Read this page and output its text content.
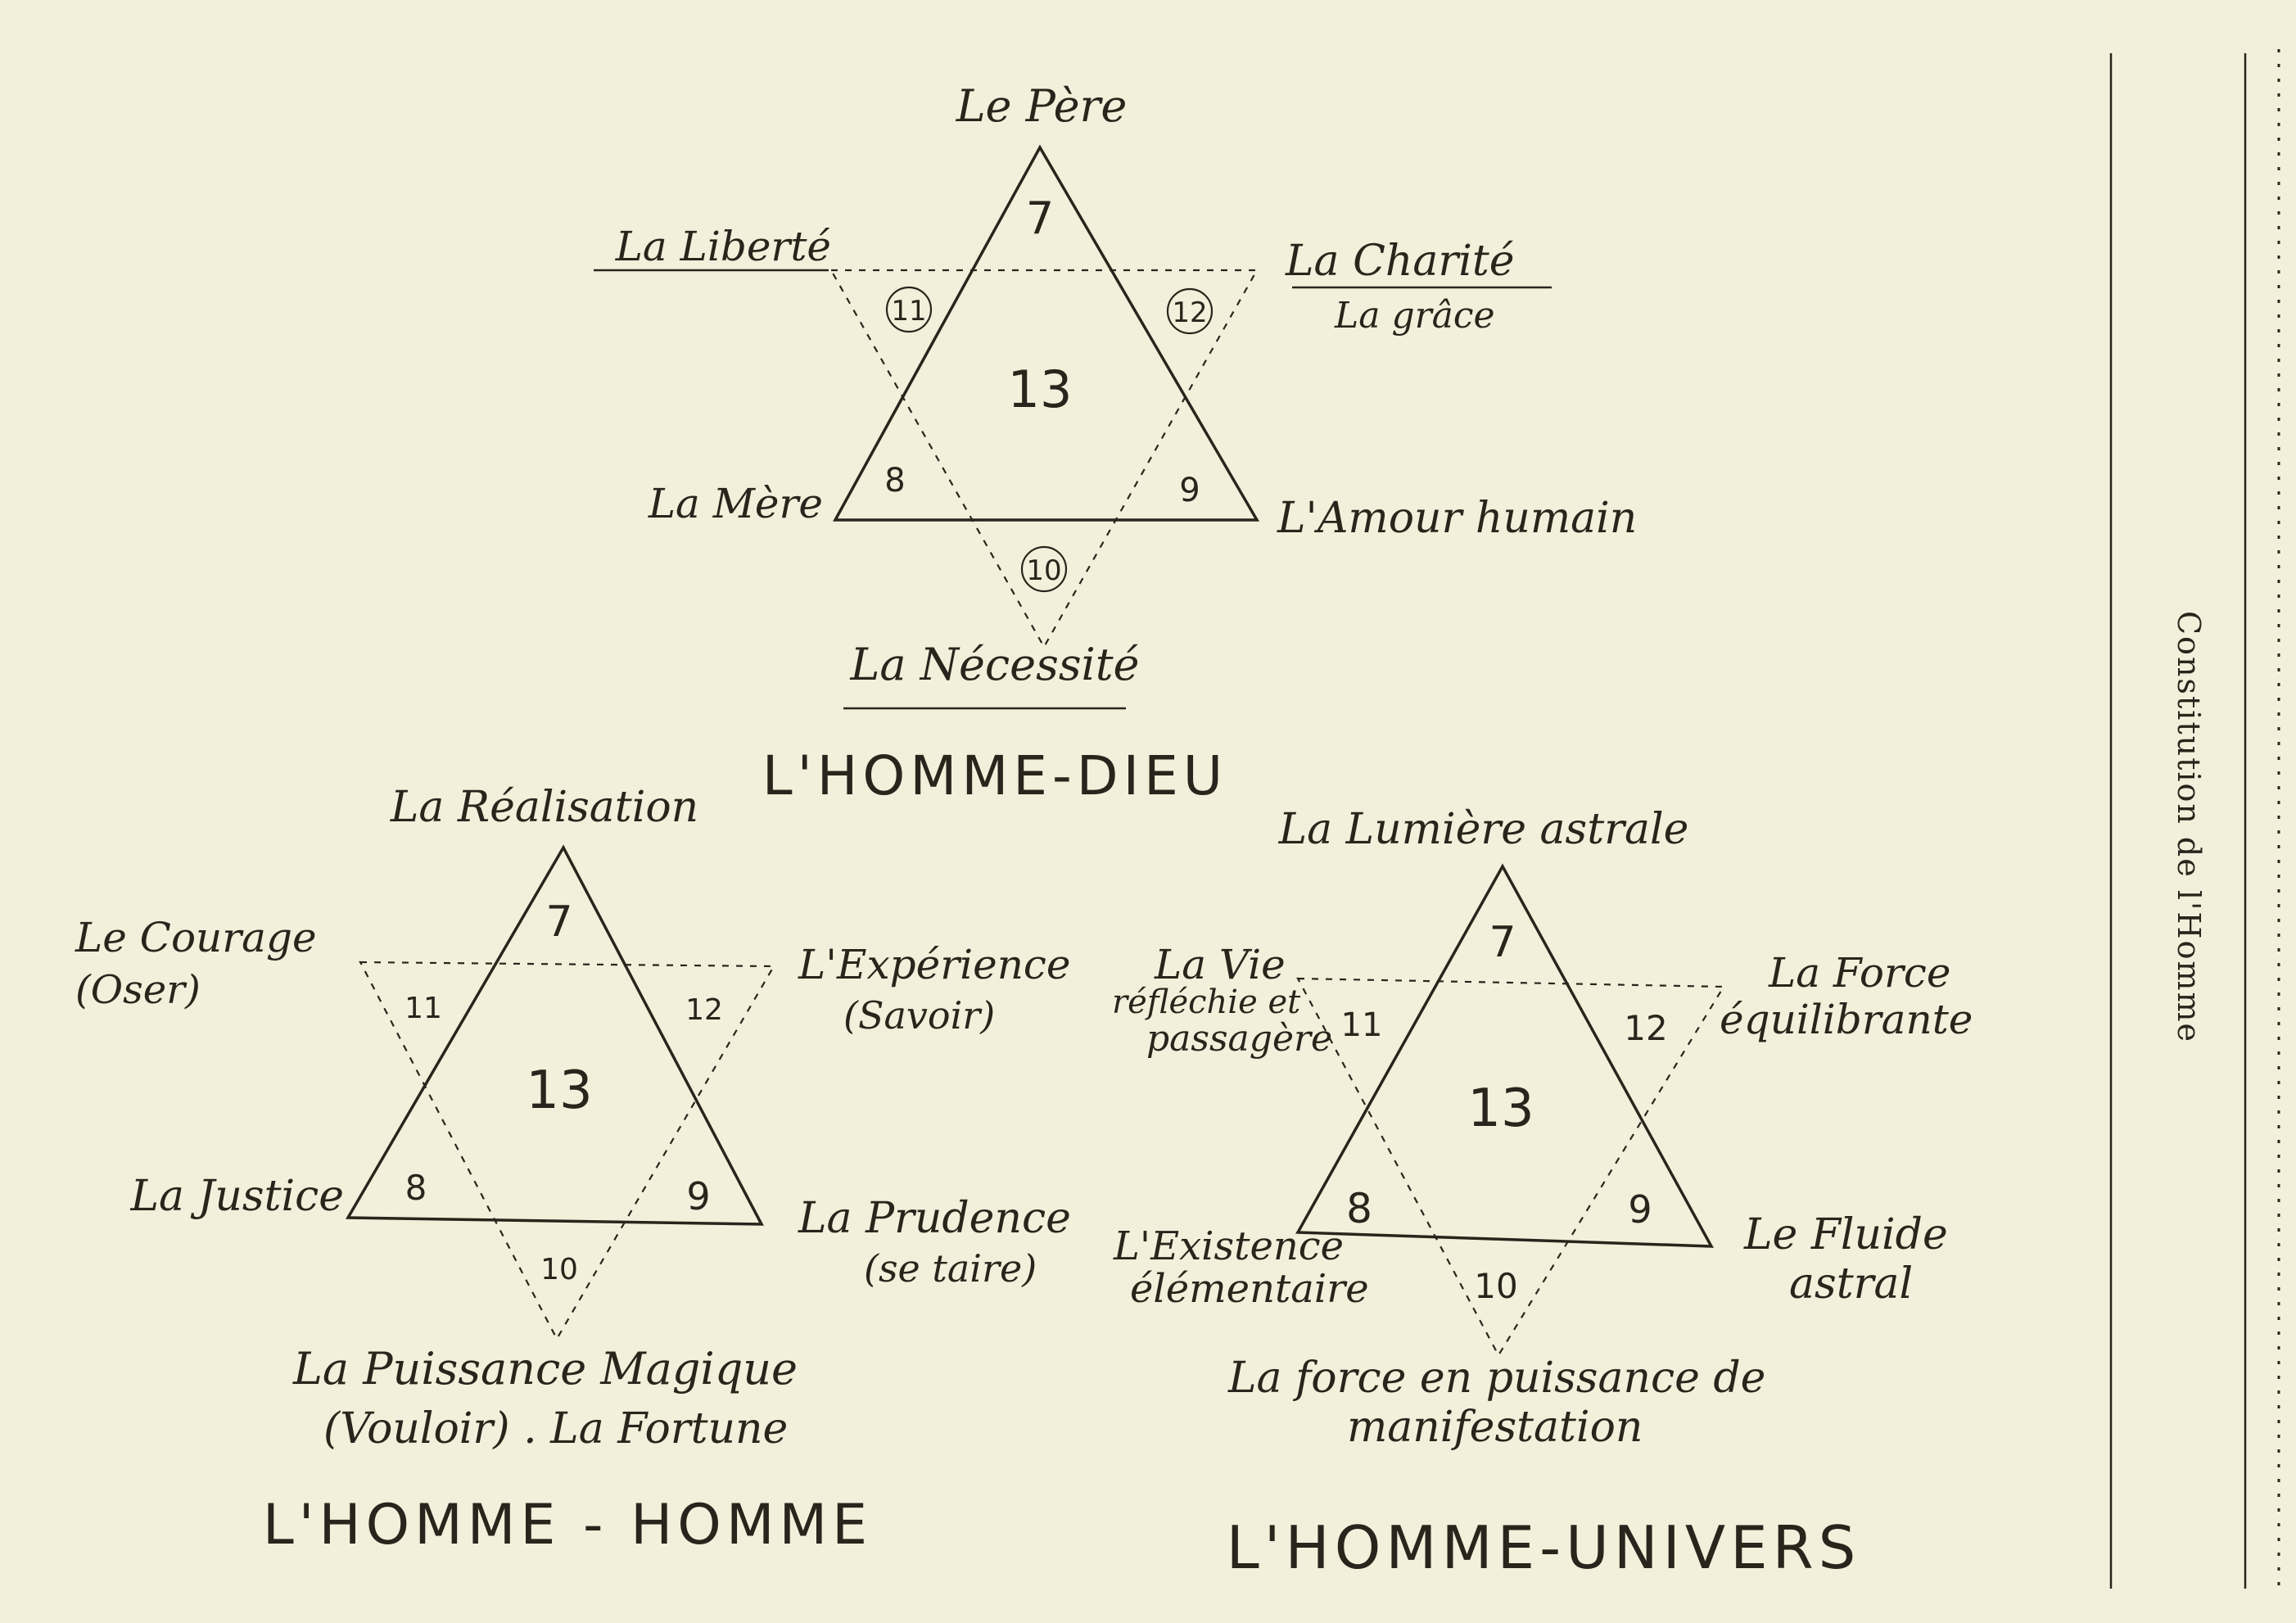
7
13
8	9
11	12
10
Le Père
La Liberté	La Charité
La grâce
La Mère	L'Amour humain
La Nécessité
L'HOMME-DIEU
7
13
8	9
11	12
10
La Réalisation
Le Courage
(Oser)
L'Expérience
(Savoir)
La Justice	La Prudence
(se taire)
La Puissance Magique
(Vouloir) . La Fortune
L'HOMME - HOMME
7
13
8	9
11	12
10
La Lumière astrale
La Vie
réfléchie et
passagère
La Force
équilibrante
L'Existence
élémentaire
Le Fluide
astral
La force en puissance de
manifestation
L'HOMME-UNIVERS
Constitution de l'Homme
